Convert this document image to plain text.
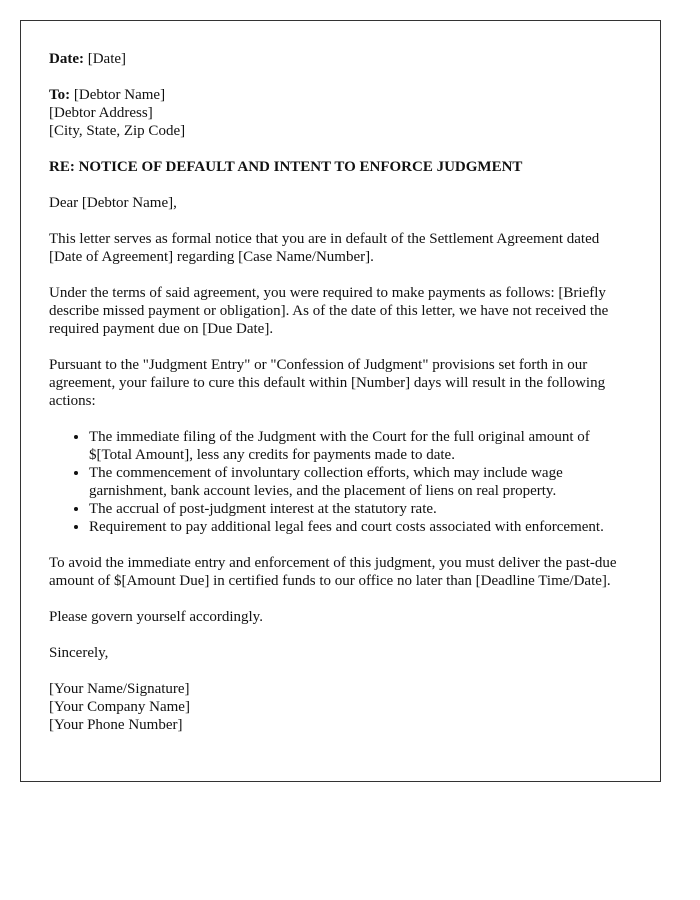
Date: [Date]
To: [Debtor Name]
[Debtor Address]
[City, State, Zip Code]

RE: NOTICE OF DEFAULT AND INTENT TO ENFORCE JUDGMENT

Dear [Debtor Name],

This letter serves as formal notice that you are in default of the Settlement Agreement dated [Date of Agreement] regarding [Case Name/Number].

Under the terms of said agreement, you were required to make payments as follows: [Briefly describe missed payment or obligation]. As of the date of this letter, we have not received the required payment due on [Due Date].

Pursuant to the "Judgment Entry" or "Confession of Judgment" provisions set forth in our agreement, your failure to cure this default within [Number] days will result in the following actions:

• The immediate filing of the Judgment with the Court for the full original amount of $[Total Amount], less any credits for payments made to date.
• The commencement of involuntary collection efforts, which may include wage garnishment, bank account levies, and the placement of liens on real property.
• The accrual of post-judgment interest at the statutory rate.
• Requirement to pay additional legal fees and court costs associated with enforcement.

To avoid the immediate entry and enforcement of this judgment, you must deliver the past-due amount of $[Amount Due] in certified funds to our office no later than [Deadline Time/Date].

Please govern yourself accordingly.

Sincerely,

[Your Name/Signature]
[Your Company Name]
[Your Phone Number]
